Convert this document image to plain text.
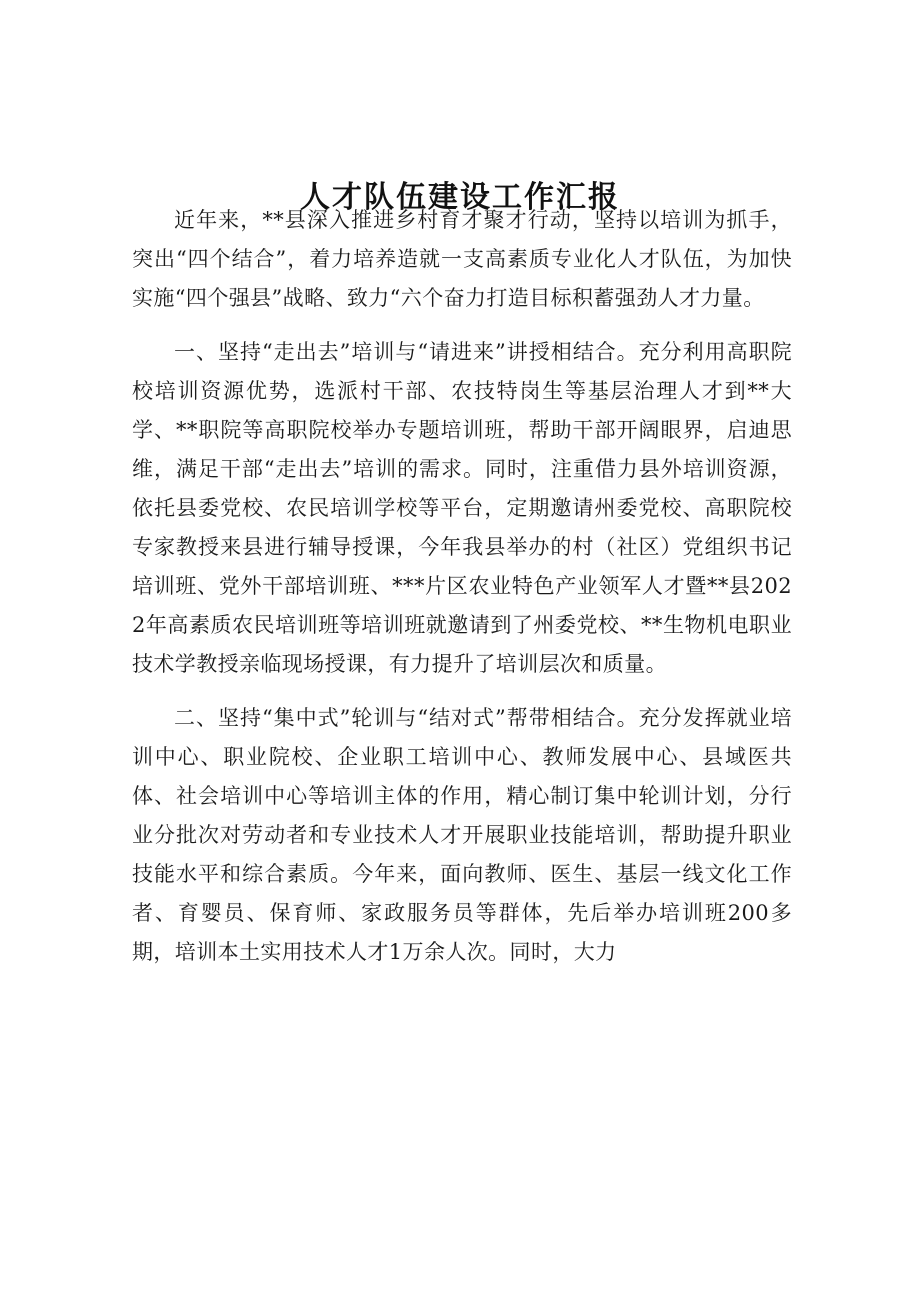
人才队伍建设工作汇报

近年来，**县深入推进乡村育才聚才行动，坚持以培训为抓手，突出“四个结合”，着力培养造就一支高素质专业化人才队伍，为加快实施“四个强县”战略、致力“六个奋力打造目标积蓄强劲人才力量。

一、坚持“走出去”培训与“请进来”讲授相结合。充分利用高职院校培训资源优势，选派村干部、农技特岗生等基层治理人才到**大学、**职院等高职院校举办专题培训班，帮助干部开阔眼界，启迪思维，满足干部“走出去”培训的需求。同时，注重借力县外培训资源，依托县委党校、农民培训学校等平台，定期邀请州委党校、高职院校专家教授来县进行辅导授课，今年我县举办的村（社区）党组织书记培训班、党外干部培训班、***片区农业特色产业领军人才暨**县2022年高素质农民培训班等培训班就邀请到了州委党校、**生物机电职业技术学教授亲临现场授课，有力提升了培训层次和质量。

二、坚持“集中式”轮训与“结对式”帮带相结合。充分发挥就业培训中心、职业院校、企业职工培训中心、教师发展中心、县域医共体、社会培训中心等培训主体的作用，精心制订集中轮训计划，分行业分批次对劳动者和专业技术人才开展职业技能培训，帮助提升职业技能水平和综合素质。今年来，面向教师、医生、基层一线文化工作者、育婴员、保育师、家政服务员等群体，先后举办培训班200多期，培训本土实用技术人才1万余人次。同时，大力
